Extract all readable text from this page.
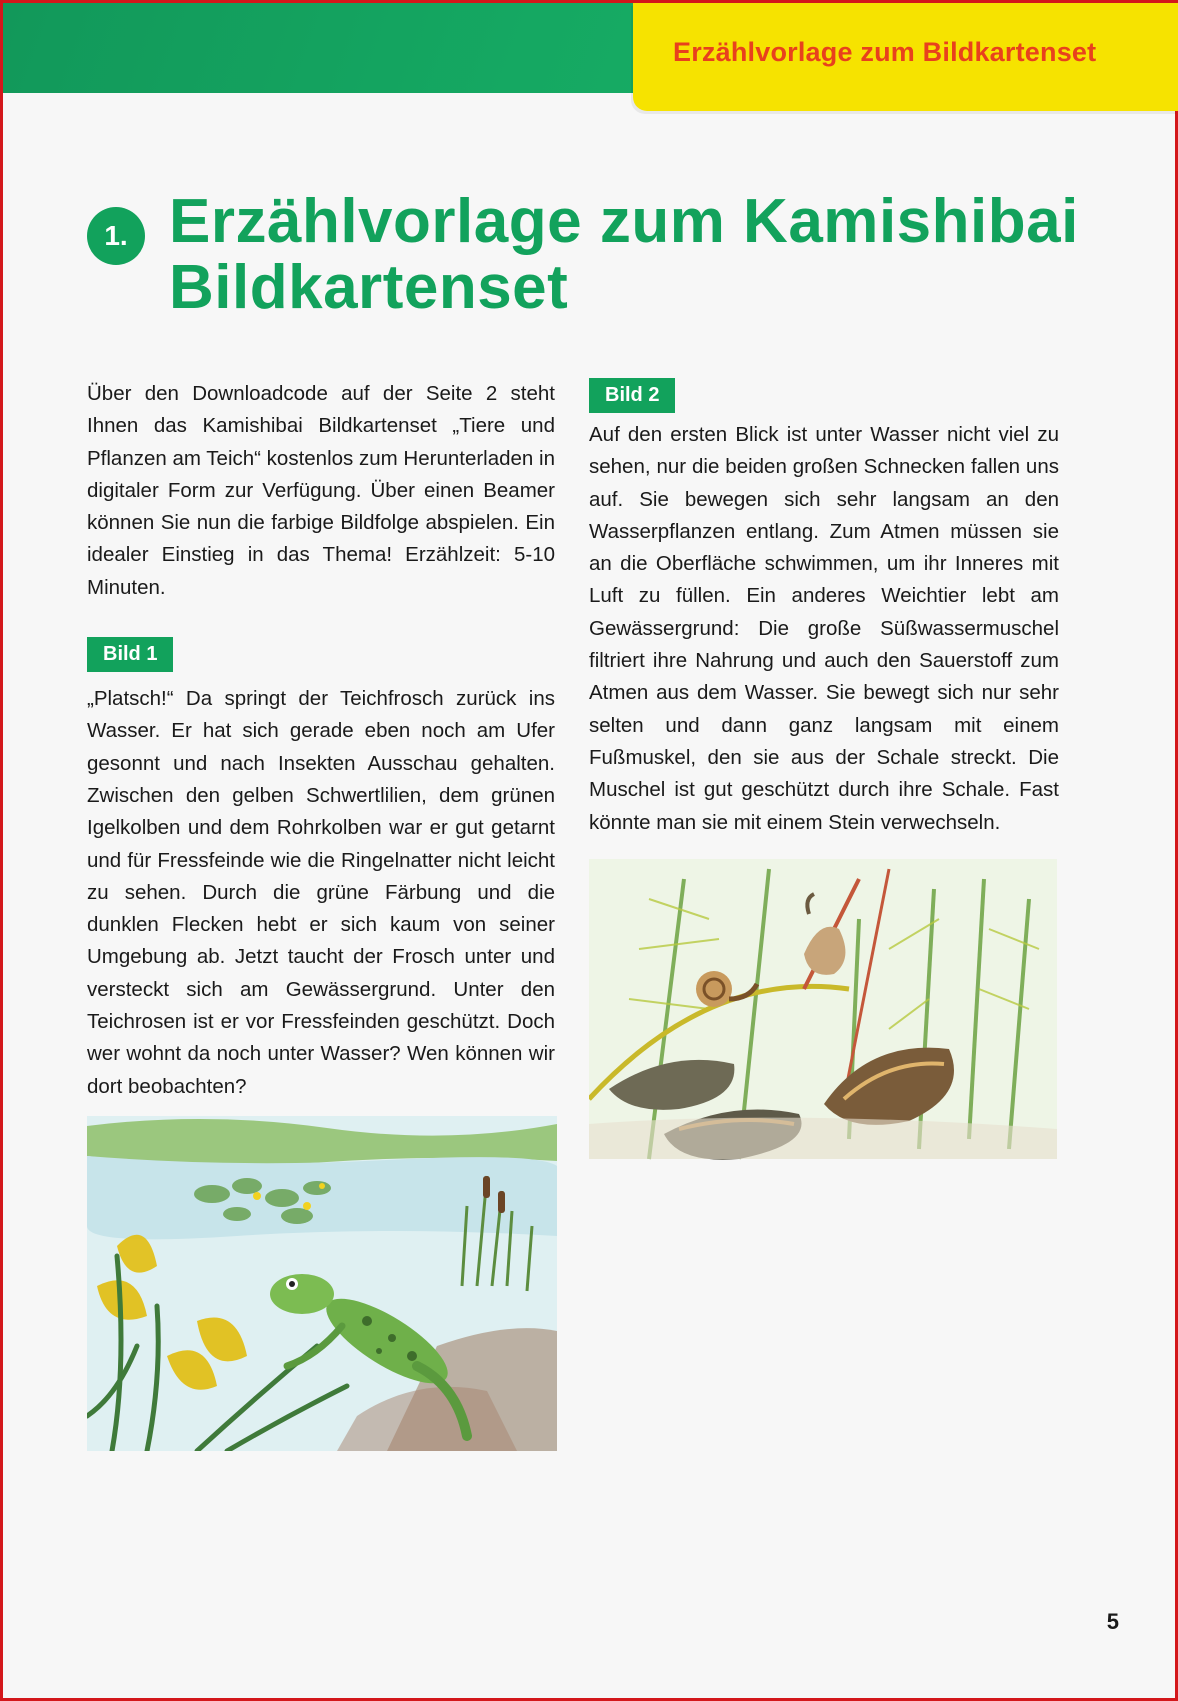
Erzählvorlage zum Bildkartenset
1. Erzählvorlage zum Kamishibai Bildkartenset

Über den Downloadcode auf der Seite 2 steht Ihnen das Kamishibai Bildkartenset „Tiere und Pflanzen am Teich“ kostenlos zum Herunterladen in digitaler Form zur Verfügung. Über einen Beamer können Sie nun die farbige Bildfolge abspielen. Ein idealer Einstieg in das Thema! Erzählzeit: 5-10 Minuten.

Bild 1

„Platsch!“ Da springt der Teichfrosch zurück ins Wasser. Er hat sich gerade eben noch am Ufer gesonnt und nach Insekten Ausschau gehalten. Zwischen den gelben Schwertlilien, dem grünen Igelkolben und dem Rohrkolben war er gut getarnt und für Fressfeinde wie die Ringelnatter nicht leicht zu sehen. Durch die grüne Färbung und die dunklen Flecken hebt er sich kaum von seiner Umgebung ab. Jetzt taucht der Frosch unter und versteckt sich am Gewässergrund. Unter den Teichrosen ist er vor Fressfeinden geschützt. Doch wer wohnt da noch unter Wasser? Wen können wir dort beobachten?

Bild 2

Auf den ersten Blick ist unter Wasser nicht viel zu sehen, nur die beiden großen Schnecken fallen uns auf. Sie bewegen sich sehr langsam an den Wasserpflanzen entlang. Zum Atmen müssen sie an die Oberfläche schwimmen, um ihr Inneres mit Luft zu füllen. Ein anderes Weichtier lebt am Gewässergrund: Die große Süßwassermuschel filtriert ihre Nahrung und auch den Sauerstoff zum Atmen aus dem Wasser. Sie bewegt sich nur sehr selten und dann ganz langsam mit einem Fußmuskel, den sie aus der Schale streckt. Die Muschel ist gut geschützt durch ihre Schale. Fast könnte man sie mit einem Stein verwechseln.

5
